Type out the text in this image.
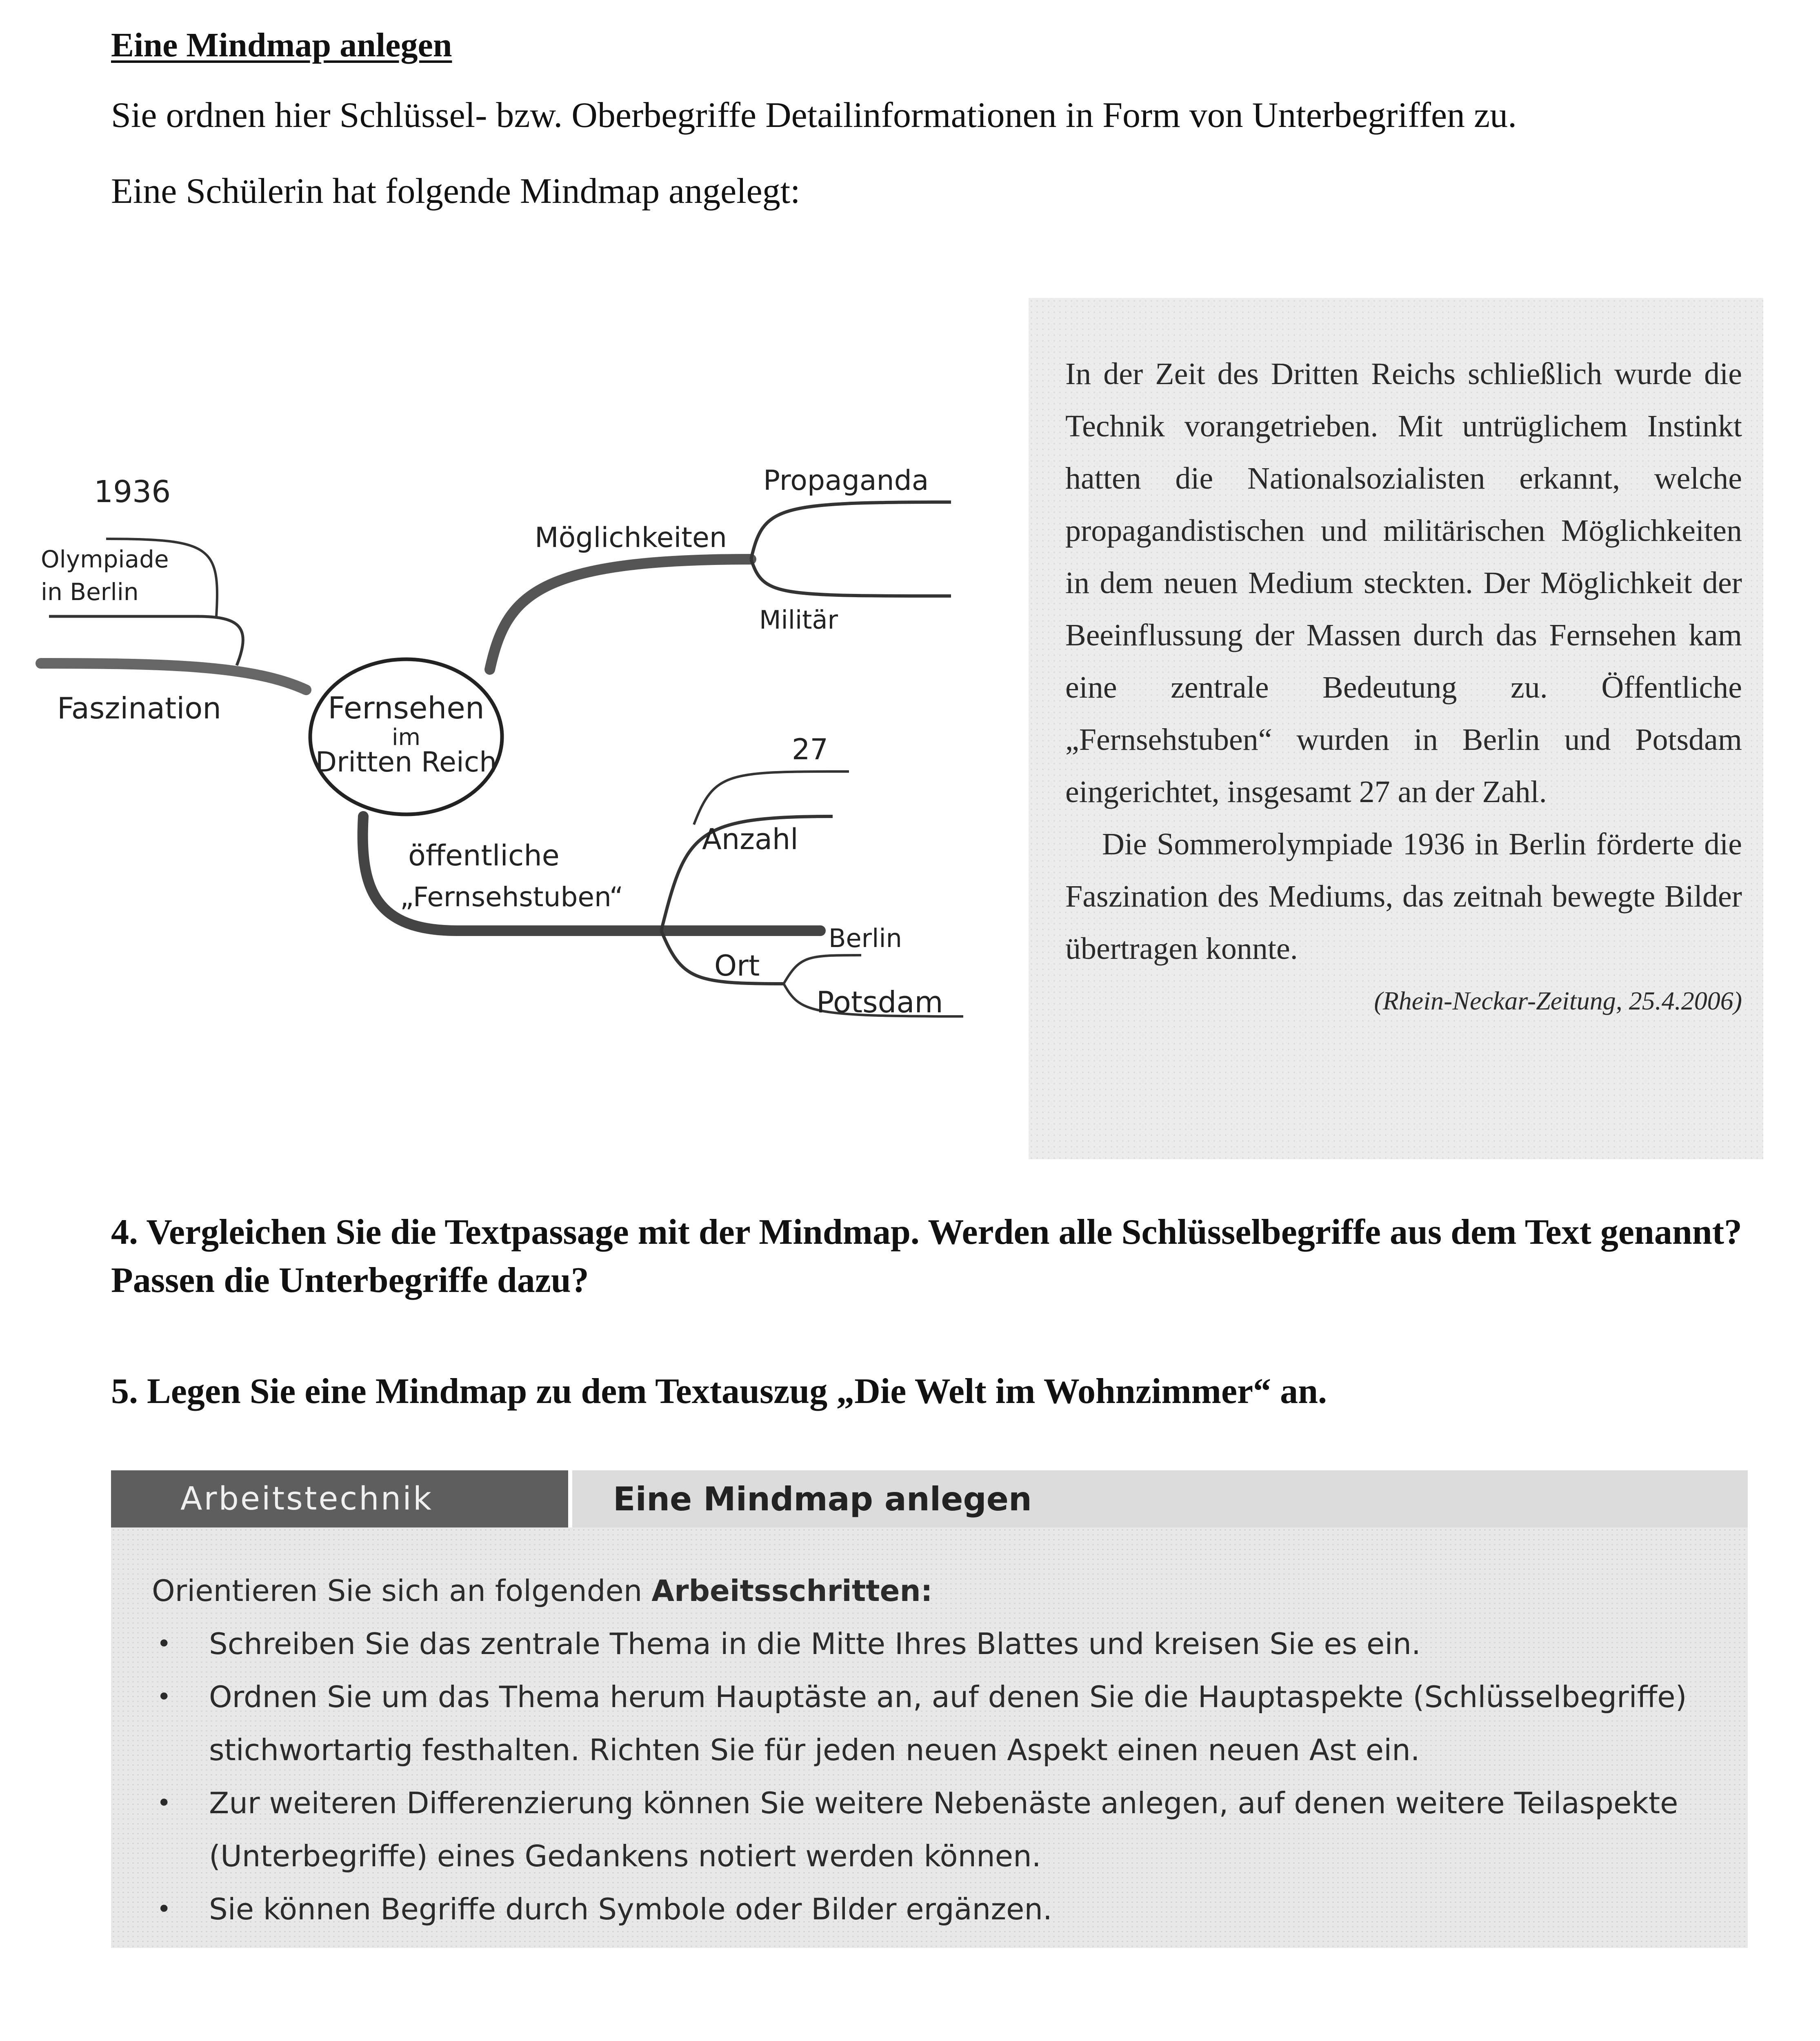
Eine Mindmap anlegen
Sie ordnen hier Schlüssel- bzw. Oberbegriffe Detailinformationen in Form von Unterbegriffen zu.
Eine Schülerin hat folgende Mindmap angelegt:
Fernsehen
im
Dritten Reich
Möglichkeiten
Propaganda
Militär
Faszination
1936
Olympiade
in Berlin
öffentliche
„Fernsehstuben“
Anzahl
27
Ort
Berlin
Potsdam

In der Zeit des Dritten Reichs schließlich wurde die Technik vorangetrieben. Mit untrüglichem Instinkt hatten die Nationalsozialisten erkannt, welche propagandistischen und militärischen Möglichkeiten in dem neuen Medium steckten. Der Möglichkeit der Beeinflussung der Massen durch das Fernsehen kam eine zentrale Bedeutung zu. Öffentliche „Fernsehstuben“ wurden in Berlin und Potsdam eingerichtet, insgesamt 27 an der Zahl.

Die Sommerolympiade 1936 in Berlin förderte die Faszination des Mediums, das zeitnah bewegte Bilder übertragen konnte.

(Rhein-Neckar-Zeitung, 25.4.2006)

4. Vergleichen Sie die Textpassage mit der Mindmap. Werden alle Schlüsselbegriffe aus dem Text genannt? Passen die Unterbegriffe dazu?
5. Legen Sie eine Mindmap zu dem Textauszug „Die Welt im Wohnzimmer“ an.
Arbeitstechnik	Eine Mindmap anlegen
Orientieren Sie sich an folgenden Arbeitsschritten:
• Schreiben Sie das zentrale Thema in die Mitte Ihres Blattes und kreisen Sie es ein.
• Ordnen Sie um das Thema herum Hauptäste an, auf denen Sie die Hauptaspekte (Schlüsselbegriffe) stichwortartig festhalten. Richten Sie für jeden neuen Aspekt einen neuen Ast ein.
• Zur weiteren Differenzierung können Sie weitere Nebenäste anlegen, auf denen weitere Teilaspekte (Unterbegriffe) eines Gedankens notiert werden können.
• Sie können Begriffe durch Symbole oder Bilder ergänzen.
